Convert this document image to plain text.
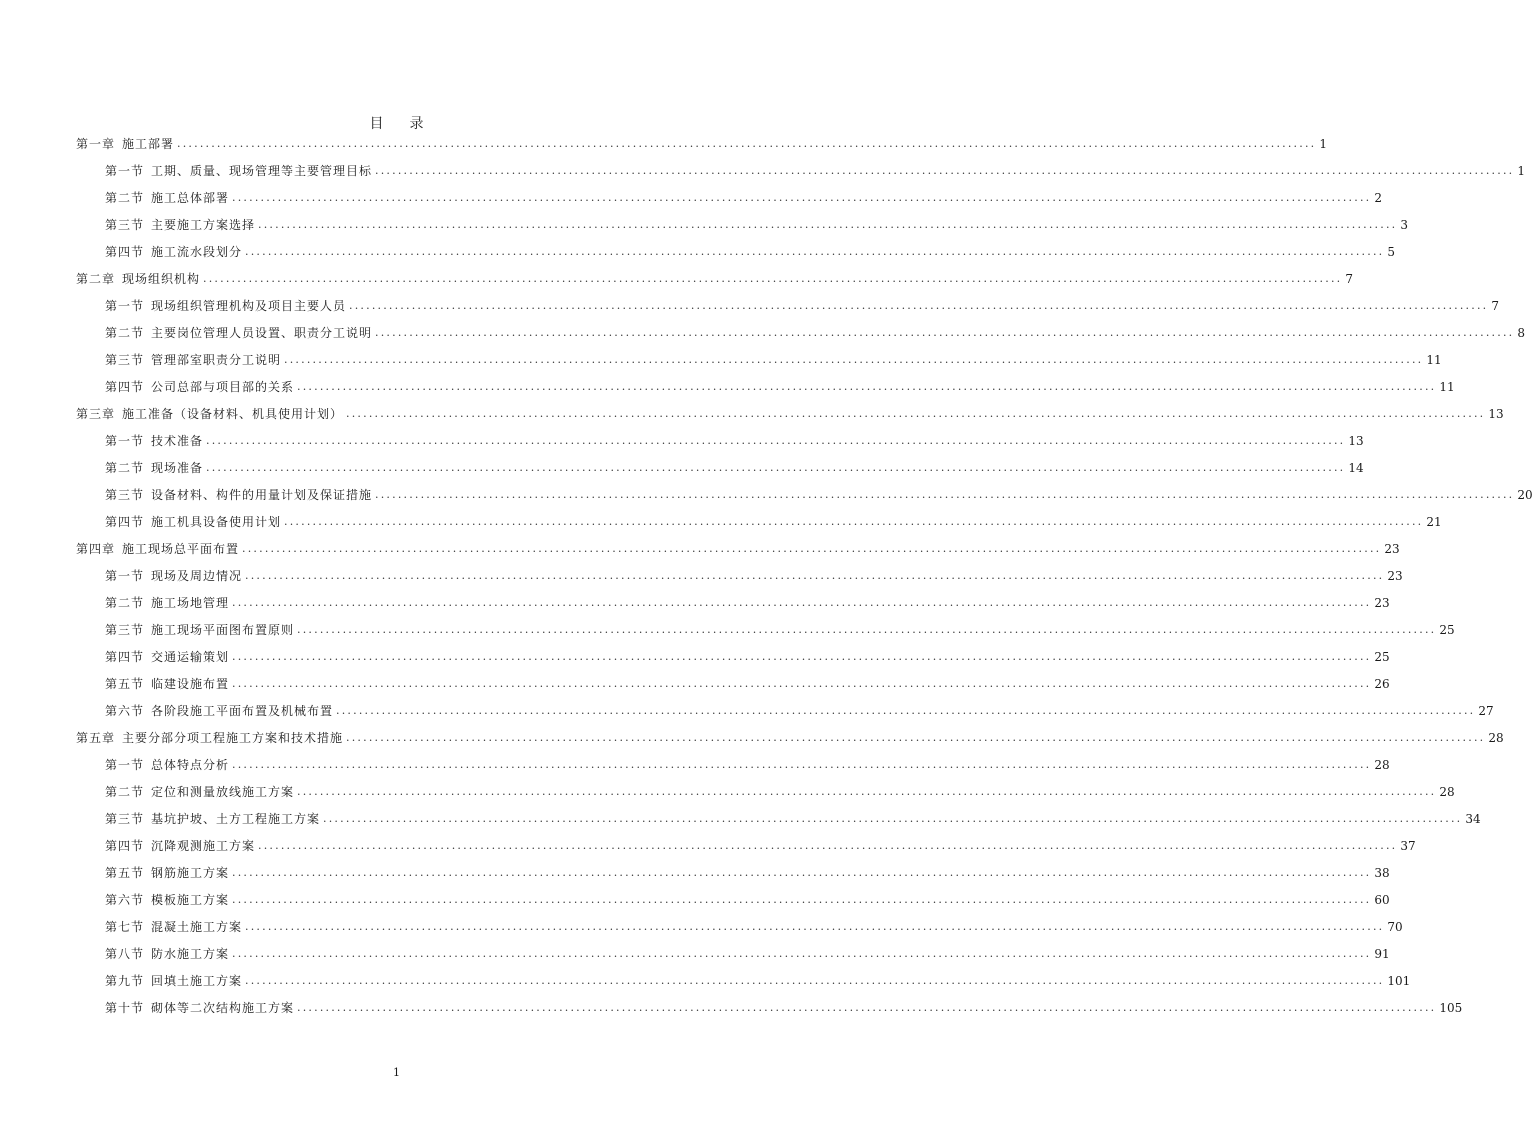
目 录
第一章  施工部署 ........................................................................................................................................................................................................ 1
第一节  工期、质量、现场管理等主要管理目标 ........................................................................................................................................................................................................ 1
第二节  施工总体部署 ........................................................................................................................................................................................................ 2
第三节  主要施工方案选择 ........................................................................................................................................................................................................ 3
第四节  施工流水段划分 ........................................................................................................................................................................................................ 5
第二章  现场组织机构 ........................................................................................................................................................................................................ 7
第一节  现场组织管理机构及项目主要人员 ........................................................................................................................................................................................................ 7
第二节  主要岗位管理人员设置、职责分工说明 ........................................................................................................................................................................................................ 8
第三节  管理部室职责分工说明 ........................................................................................................................................................................................................ 11
第四节  公司总部与项目部的关系 ........................................................................................................................................................................................................ 11
第三章  施工准备（设备材料、机具使用计划） ........................................................................................................................................................................................................ 13
第一节  技术准备 ........................................................................................................................................................................................................ 13
第二节  现场准备 ........................................................................................................................................................................................................ 14
第三节  设备材料、构件的用量计划及保证措施 ........................................................................................................................................................................................................ 20
第四节  施工机具设备使用计划 ........................................................................................................................................................................................................ 21
第四章  施工现场总平面布置 ........................................................................................................................................................................................................ 23
第一节  现场及周边情况 ........................................................................................................................................................................................................ 23
第二节  施工场地管理 ........................................................................................................................................................................................................ 23
第三节  施工现场平面图布置原则 ........................................................................................................................................................................................................ 25
第四节  交通运输策划 ........................................................................................................................................................................................................ 25
第五节  临建设施布置 ........................................................................................................................................................................................................ 26
第六节  各阶段施工平面布置及机械布置 ........................................................................................................................................................................................................ 27
第五章  主要分部分项工程施工方案和技术措施 ........................................................................................................................................................................................................ 28
第一节  总体特点分析 ........................................................................................................................................................................................................ 28
第二节  定位和测量放线施工方案 ........................................................................................................................................................................................................ 28
第三节  基坑护坡、土方工程施工方案 ........................................................................................................................................................................................................ 34
第四节  沉降观测施工方案 ........................................................................................................................................................................................................ 37
第五节  钢筋施工方案 ........................................................................................................................................................................................................ 38
第六节  模板施工方案 ........................................................................................................................................................................................................ 60
第七节  混凝土施工方案 ........................................................................................................................................................................................................ 70
第八节  防水施工方案 ........................................................................................................................................................................................................ 91
第九节  回填土施工方案 ........................................................................................................................................................................................................ 101
第十节  砌体等二次结构施工方案 ........................................................................................................................................................................................................ 105
1
